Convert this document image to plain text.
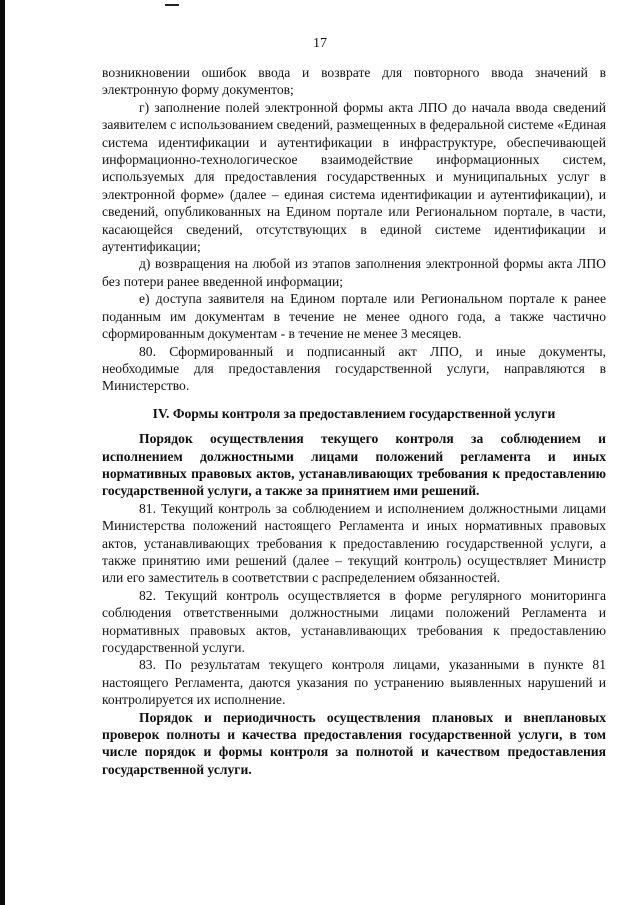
17

возникновении ошибок ввода и возврате для повторного ввода значений в электронную форму документов;

г) заполнение полей электронной формы акта ЛПО до начала ввода сведений заявителем с использованием сведений, размещенных в федеральной системе «Единая система идентификации и аутентификации в инфраструктуре, обеспечивающей информационно-технологическое взаимодействие информационных систем, используемых для предоставления государственных и муниципальных услуг в электронной форме» (далее – единая система идентификации и аутентификации), и сведений, опубликованных на Едином портале или Региональном портале, в части, касающейся сведений, отсутствующих в единой системе идентификации и аутентификации;

д) возвращения на любой из этапов заполнения электронной формы акта ЛПО без потери ранее введенной информации;

е) доступа заявителя на Едином портале или Региональном портале к ранее поданным им документам в течение не менее одного года, а также частично сформированным документам - в течение не менее 3 месяцев.

80. Сформированный и подписанный акт ЛПО, и иные документы, необходимые для предоставления государственной услуги, направляются в Министерство.

IV. Формы контроля за предоставлением государственной услуги

Порядок осуществления текущего контроля за соблюдением и исполнением должностными лицами положений регламента и иных нормативных правовых актов, устанавливающих требования к предоставлению государственной услуги, а также за принятием ими решений.

81. Текущий контроль за соблюдением и исполнением должностными лицами Министерства положений настоящего Регламента и иных нормативных правовых актов, устанавливающих требования к предоставлению государственной услуги, а также принятию ими решений (далее – текущий контроль) осуществляет Министр или его заместитель в соответствии с распределением обязанностей.

82. Текущий контроль осуществляется в форме регулярного мониторинга соблюдения ответственными должностными лицами положений Регламента и нормативных правовых актов, устанавливающих требования к предоставлению государственной услуги.

83. По результатам текущего контроля лицами, указанными в пункте 81 настоящего Регламента, даются указания по устранению выявленных нарушений и контролируется их исполнение.

Порядок и периодичность осуществления плановых и внеплановых проверок полноты и качества предоставления государственной услуги, в том числе порядок и формы контроля за полнотой и качеством предоставления государственной услуги.
